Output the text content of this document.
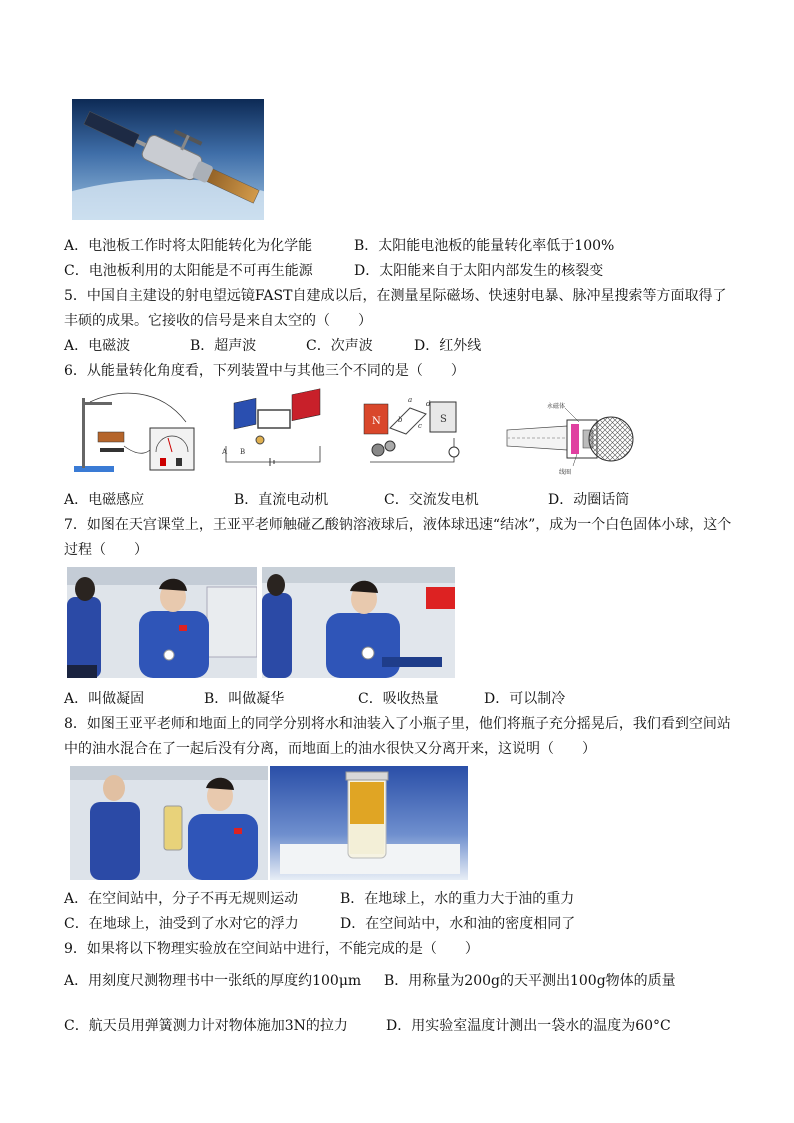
A．电池板工作时将太阳能转化为化学能	B．太阳能电池板的能量转化率低于100%
C．电池板利用的太阳能是不可再生能源	D．太阳能来自于太阳内部发生的核裂变
5．中国自主建设的射电望远镜FAST自建成以后，在测量星际磁场、快速射电暴、脉冲星搜索等方面取得了
丰硕的成果。它接收的信号是来自太空的（　　）
A．电磁波	B．超声波	C．次声波	D．红外线
6．从能量转化角度看，下列装置中与其他三个不同的是（　　）
A B
N	S
a
b
c
d	永磁体
线圈
A．电磁感应	B．直流电动机	C．交流发电机	D．动圈话筒
7．如图在天宫课堂上，王亚平老师触碰乙酸钠溶液球后，液体球迅速“结冰”，成为一个白色固体小球，这个
过程（　　）
A．叫做凝固	B．叫做凝华	C．吸收热量	D．可以制冷
8．如图王亚平老师和地面上的同学分别将水和油装入了小瓶子里，他们将瓶子充分摇晃后，我们看到空间站
中的油水混合在了一起后没有分离，而地面上的油水很快又分离开来，这说明（　　）
A．在空间站中，分子不再无规则运动	B．在地球上，水的重力大于油的重力
C．在地球上，油受到了水对它的浮力	D．在空间站中，水和油的密度相同了
9．如果将以下物理实验放在空间站中进行，不能完成的是（　　）
A．用刻度尺测物理书中一张纸的厚度约100μm B．用称量为200g的天平测出100g物体的质量
C．航天员用弹簧测力计对物体施加3N的拉力	D．用实验室温度计测出一袋水的温度为60°C
